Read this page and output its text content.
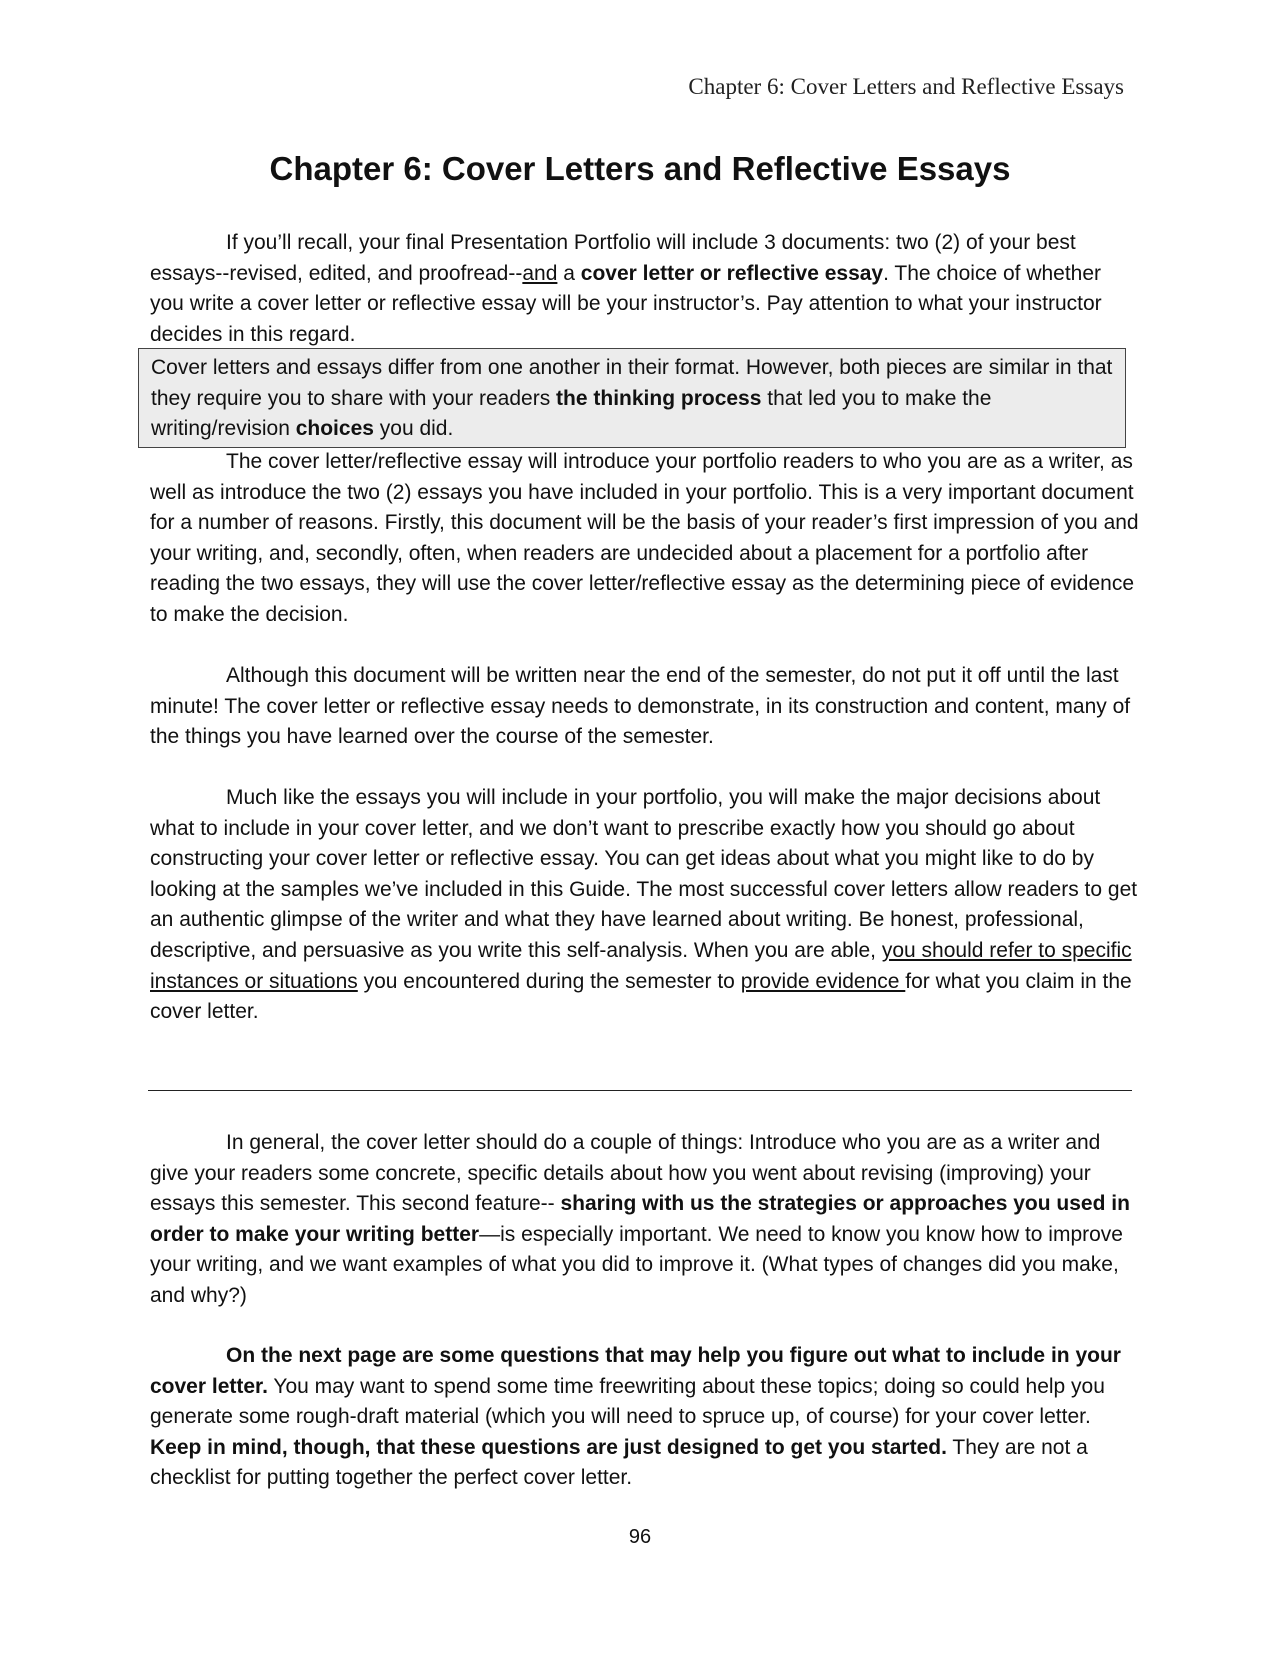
Chapter 6: Cover Letters and Reflective Essays
Chapter 6: Cover Letters and Reflective Essays

If you’ll recall, your final Presentation Portfolio will include 3 documents: two (2) of your best essays--revised, edited, and proofread--and a cover letter or reflective essay. The choice of whether you write a cover letter or reflective essay will be your instructor’s. Pay attention to what your instructor decides in this regard.

Cover letters and essays differ from one another in their format. However, both pieces are similar in that they require you to share with your readers the thinking process that led you to make the writing/revision choices you did.

The cover letter/reflective essay will introduce your portfolio readers to who you are as a writer, as well as introduce the two (2) essays you have included in your portfolio. This is a very important document for a number of reasons. Firstly, this document will be the basis of your reader’s first impression of you and your writing, and, secondly, often, when readers are undecided about a placement for a portfolio after reading the two essays, they will use the cover letter/reflective essay as the determining piece of evidence to make the decision.

Although this document will be written near the end of the semester, do not put it off until the last minute! The cover letter or reflective essay needs to demonstrate, in its construction and content, many of the things you have learned over the course of the semester.

Much like the essays you will include in your portfolio, you will make the major decisions about what to include in your cover letter, and we don’t want to prescribe exactly how you should go about constructing your cover letter or reflective essay. You can get ideas about what you might like to do by looking at the samples we’ve included in this Guide. The most successful cover letters allow readers to get an authentic glimpse of the writer and what they have learned about writing. Be honest, professional, descriptive, and persuasive as you write this self-analysis. When you are able, you should refer to specific instances or situations you encountered during the semester to provide evidence for what you claim in the cover letter.

In general, the cover letter should do a couple of things: Introduce who you are as a writer and give your readers some concrete, specific details about how you went about revising (improving) your essays this semester. This second feature-- sharing with us the strategies or approaches you used in order to make your writing better—is especially important. We need to know you know how to improve your writing, and we want examples of what you did to improve it. (What types of changes did you make, and why?)

On the next page are some questions that may help you figure out what to include in your cover letter. You may want to spend some time freewriting about these topics; doing so could help you generate some rough-draft material (which you will need to spruce up, of course) for your cover letter. Keep in mind, though, that these questions are just designed to get you started. They are not a checklist for putting together the perfect cover letter.

96
